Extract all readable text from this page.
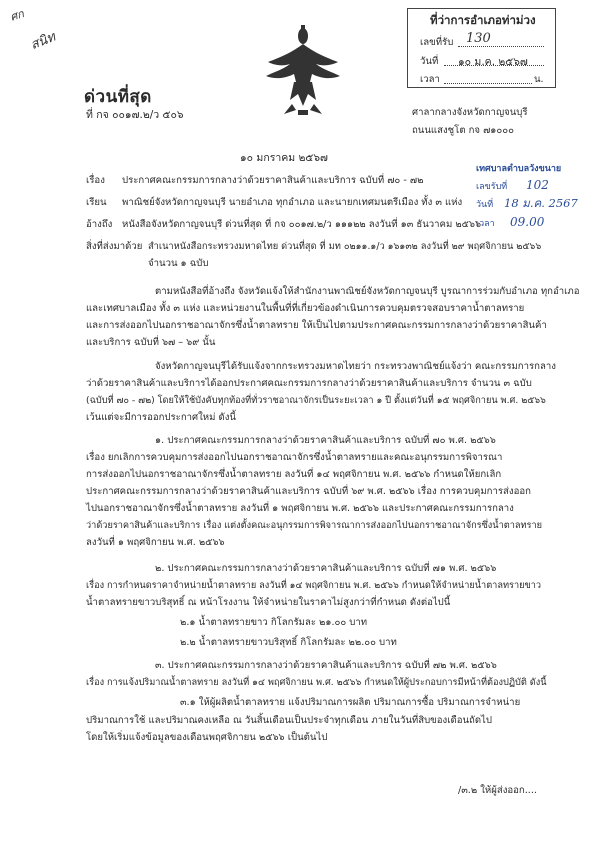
ศก
สนิท
ด่วนที่สุด
ที่ กจ ๐๐๑๗.๒/ว ๕๐๖
ที่ว่าการอำเภอท่าม่วง
เลขที่รับ 130
วันที่ ๑๐ ม.ค. ๒๕๖๗
เวลา	น.
ศาลากลางจังหวัดกาญจนบุรี
ถนนแสงชูโต กจ ๗๑๐๐๐
เทศบาลตำบลวังขนาย
เลขรับที่ 102
วันที่ 18 ม.ค. 2567
เวลา 09.00
๑๐ มกราคม ๒๕๖๗
เรื่อง ประกาศคณะกรรมการกลางว่าด้วยราคาสินค้าและบริการ ฉบับที่ ๗๐ - ๗๒
เรียน พาณิชย์จังหวัดกาญจนบุรี นายอำเภอ ทุกอำเภอ และนายกเทศมนตรีเมือง ทั้ง ๓ แห่ง
อ้างถึง หนังสือจังหวัดกาญจนบุรี ด่วนที่สุด ที่ กจ ๐๐๑๗.๒/ว ๑๑๑๒๒ ลงวันที่ ๑๓ ธันวาคม ๒๕๖๖
สิ่งที่ส่งมาด้วย สำเนาหนังสือกระทรวงมหาดไทย ด่วนที่สุด ที่ มท ๐๒๑๑.๑/ว ๑๖๑๓๒ ลงวันที่ ๒๙ พฤศจิกายน ๒๕๖๖
จำนวน ๑ ฉบับ
ตามหนังสือที่อ้างถึง จังหวัดแจ้งให้สำนักงานพาณิชย์จังหวัดกาญจนบุรี บูรณาการร่วมกับอำเภอ ทุกอำเภอ
และเทศบาลเมือง ทั้ง ๓ แห่ง และหน่วยงานในพื้นที่ที่เกี่ยวข้องดำเนินการควบคุมตรวจสอบราคาน้ำตาลทราย
และการส่งออกไปนอกราชอาณาจักรซึ่งน้ำตาลทราย ให้เป็นไปตามประกาศคณะกรรมการกลางว่าด้วยราคาสินค้า
และบริการ ฉบับที่ ๖๗ – ๖๙ นั้น
จังหวัดกาญจนบุรีได้รับแจ้งจากกระทรวงมหาดไทยว่า กระทรวงพาณิชย์แจ้งว่า คณะกรรมการกลาง
ว่าด้วยราคาสินค้าและบริการได้ออกประกาศคณะกรรมการกลางว่าด้วยราคาสินค้าและบริการ จำนวน ๓ ฉบับ
(ฉบับที่ ๗๐ - ๗๒) โดยให้ใช้บังคับทุกท้องที่ทั่วราชอาณาจักรเป็นระยะเวลา ๑ ปี ตั้งแต่วันที่ ๑๕ พฤศจิกายน พ.ศ. ๒๕๖๖
เว้นแต่จะมีการออกประกาศใหม่ ดังนี้
๑. ประกาศคณะกรรมการกลางว่าด้วยราคาสินค้าและบริการ ฉบับที่ ๗๐ พ.ศ. ๒๕๖๖
เรื่อง ยกเลิกการควบคุมการส่งออกไปนอกราชอาณาจักรซึ่งน้ำตาลทรายและคณะอนุกรรมการพิจารณา
การส่งออกไปนอกราชอาณาจักรซึ่งน้ำตาลทราย ลงวันที่ ๑๔ พฤศจิกายน พ.ศ. ๒๕๖๖ กำหนดให้ยกเลิก
ประกาศคณะกรรมการกลางว่าด้วยราคาสินค้าและบริการ ฉบับที่ ๖๙ พ.ศ. ๒๕๖๖ เรื่อง การควบคุมการส่งออก
ไปนอกราชอาณาจักรซึ่งน้ำตาลทราย ลงวันที่ ๑ พฤศจิกายน พ.ศ. ๒๕๖๖ และประกาศคณะกรรมการกลาง
ว่าด้วยราคาสินค้าและบริการ เรื่อง แต่งตั้งคณะอนุกรรมการพิจารณาการส่งออกไปนอกราชอาณาจักรซึ่งน้ำตาลทราย
ลงวันที่ ๑ พฤศจิกายน พ.ศ. ๒๕๖๖
๒. ประกาศคณะกรรมการกลางว่าด้วยราคาสินค้าและบริการ ฉบับที่ ๗๑ พ.ศ. ๒๕๖๖
เรื่อง การกำหนดราคาจำหน่ายน้ำตาลทราย ลงวันที่ ๑๔ พฤศจิกายน พ.ศ. ๒๕๖๖ กำหนดให้จำหน่ายน้ำตาลทรายขาว
น้ำตาลทรายขาวบริสุทธิ์ ณ หน้าโรงงาน ให้จำหน่ายในราคาไม่สูงกว่าที่กำหนด ดังต่อไปนี้
๒.๑ น้ำตาลทรายขาว กิโลกรัมละ ๒๑.๐๐ บาท
๒.๒ น้ำตาลทรายขาวบริสุทธิ์ กิโลกรัมละ ๒๒.๐๐ บาท
๓. ประกาศคณะกรรมการกลางว่าด้วยราคาสินค้าและบริการ ฉบับที่ ๗๒ พ.ศ. ๒๕๖๖
เรื่อง การแจ้งปริมาณน้ำตาลทราย ลงวันที่ ๑๔ พฤศจิกายน พ.ศ. ๒๕๖๖ กำหนดให้ผู้ประกอบการมีหน้าที่ต้องปฏิบัติ ดังนี้
๓.๑ ให้ผู้ผลิตน้ำตาลทราย แจ้งปริมาณการผลิต ปริมาณการซื้อ ปริมาณการจำหน่าย
ปริมาณการใช้ และปริมาณคงเหลือ ณ วันสิ้นเดือนเป็นประจำทุกเดือน ภายในวันที่สิบของเดือนถัดไป
โดยให้เริ่มแจ้งข้อมูลของเดือนพฤศจิกายน ๒๕๖๖ เป็นต้นไป
/๓.๒ ให้ผู้ส่งออก....
